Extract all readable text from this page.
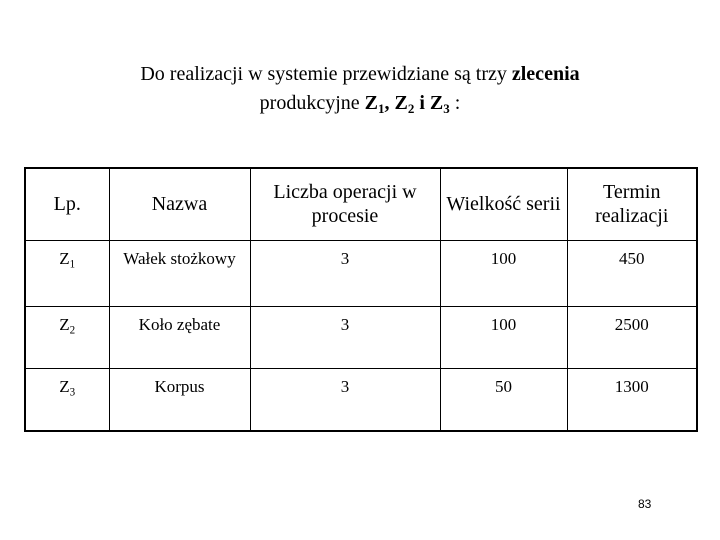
Do realizacji w systemie przewidziane są trzy zlecenia
produkcyjne $Z_1$, $Z_2$ i $Z_3$ :
Lp.	Nazwa	Liczba operacji w procesie	Wielkość serii	Termin realizacji
$Z_1$	Wałek stożkowy	3	100	450
$Z_2$	Koło zębate	3	100	2500
$Z_3$	Korpus	3	50	1300
83
